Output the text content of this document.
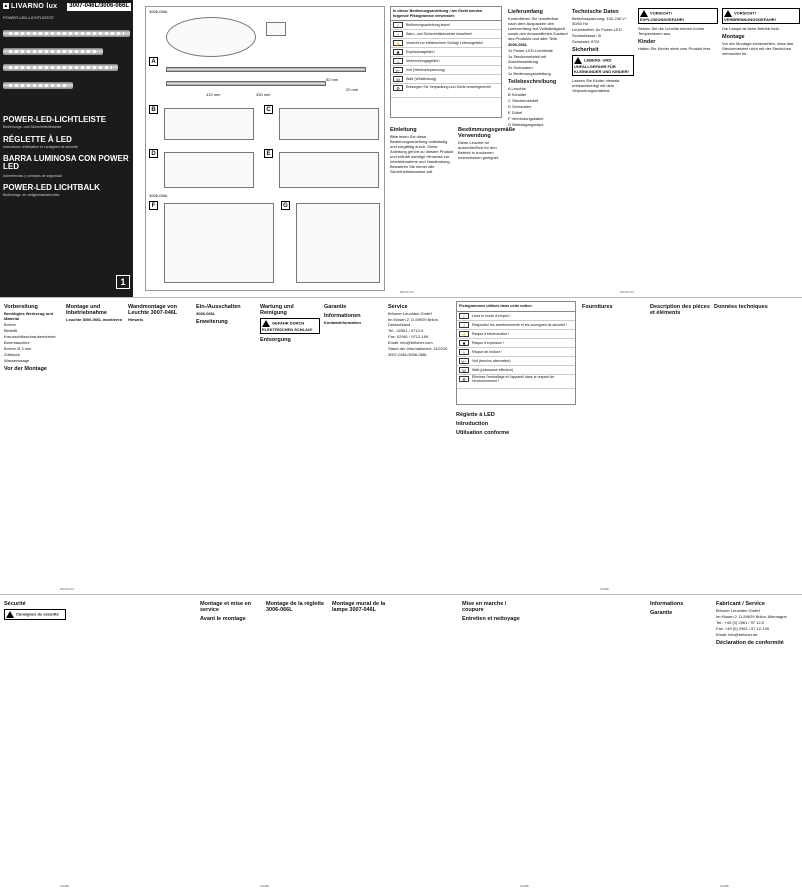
▲ LIVARNO lux	3007-046L/3006-066L
POWER-LED-LICHTLEISTE
POWER-LED-LICHTLEISTE
Bedienungs- und Sicherheitshinweise
RÉGLETTE À LED
Instructions d'utilisation et consignes de sécurité
BARRA LUMINOSA CON POWER LED
Advertencias y consejos de seguridad
POWER-LED LICHTBALK
Bedienings- en veiligheidsinstructies
1
3006-066L
410 mm	330 mm
52 mm
20 mm
A
B	C
D	E
3006-066L
F	G
In dieser Bedienungsanleitung / am Gerät werden folgende Piktogramme verwendet:
i	Bedienungsanleitung lesen!
!	Warn- und Sicherheitshinweise beachten!
⚡	Vorsicht vor elektrischem Schlag! Lebensgefahr!
✱	Explosionsgefahr!
♨	Verbrennungsgefahr!
V~	Volt (Wechselspannung)
W	Watt (Wirkleistung)
♻	Entsorgen Sie Verpackung und Gerät umweltgerecht!
Einleitung

Bitte lesen Sie diese Bedienungsanleitung vollständig und sorgfältig durch. Diese Anleitung gehört zu diesem Produkt und enthält wichtige Hinweise zur Inbetriebnahme und Handhabung. Bewahren Sie immer alle Sicherheitshinweise auf.

Bestimmungsgemäße Verwendung

Diese Leuchte ist ausschließlich für den Betrieb in trockenen Innenräumen geeignet.

Lieferumfang

Kontrollieren Sie unmittelbar nach dem Auspacken den Lieferumfang auf Vollständigkeit sowie den einwandfreien Zustand des Produkts und aller Teile.

3006-066L

1x Power-LED-Lichtleiste

1x Steckernetzteil mit Anschlussleitung

2x Schrauben

1x Bedienungsanleitung

Teilebeschreibung

A Leuchte

B Schalter

C Steckernetzteil

D Schrauben

E Dübel

F Verbindungskabel

G Befestigungsclips

Technische Daten

Betriebsspannung: 100-240 V~ 50/60 Hz

Leuchtmittel: 6x Power-LED

Schutzklasse: III

Schutzart: IP20

Sicherheit
LEBENS- UND UNFALLGEFAHR FÜR KLEINKINDER UND KINDER!

Lassen Sie Kinder niemals unbeaufsichtigt mit dem Verpackungsmaterial.

VORSICHT! EXPLOSIONSGEFAHR!

Setzen Sie die Leuchte keinen hohen Temperaturen aus.

Kinder

Halten Sie Kinder stets vom Produkt fern.

VORSICHT! VERBRENNUNGSGEFAHR!

Die Lampe ist beim Betrieb heiß.

Montage

Vor der Montage sicherstellen, dass das Steckernetzteil nicht mit der Steckdose verbunden ist.

DE/AT/CH	DE/AT/CH
Vorbereitung

Benötigtes Werkzeug und Material

Bohrer

Bleistift

Kreuzschlitzschraubendreher

Bohrmaschine

Bohrer Ø 3 mm

Zollstock

Wasserwaage

Vor der Montage
Montage und Inbetriebnahme

Leuchte 3006-066L montieren

Wandmontage von Leuchte 3007-046L

Hinweis

Ein-/Ausschalten

3006-066L

Erweiterung
Wartung und Reinigung
GEFAHR DURCH ELEKTRISCHEN SCHLAG!
Entsorgung
Garantie
Informationen

Kontaktinformation

Service

Briloner Leuchten GmbH

Im Kissen 2, D-59929 Brilon, Deutschland

Tel.: 02961 / 9712-0

Fax: 02961 / 9712-199

Email: info@briloner.com

Stand der Informationen: 11/2010

3007-046L/3006-066L

Pictogrammes utilisés dans cette notice:
i	Lisez le mode d'emploi !
!	Respectez les avertissements et les consignes de sécurité !
⚡	Risque d'électrocution !
✱	Risque d'explosion !
♨	Risque de brûlure !
V~	Volt (tension alternative)
W	Watt (puissance effective)
♻	Éliminez l'emballage et l'appareil dans le respect de l'environnement !
Réglette à LED
Introduction
Utilisation conforme
Fournitures	Description des pièces et éléments
Données techniques
DE/AT/CH	FR/BE
Sécurité
Consignes de sécurité
Montage et mise en service
Avant le montage
Montage de la réglette 3006-066L
Montage mural de la lampe 3007-046L
Mise en marche / coupure
Entretien et nettoyage
Informations
Garantie
Fabricant / Service

Briloner Leuchten GmbH

Im Kissen 2, D-59929 Brilon, Allemagne

Tel.: +49 (0) 2961 / 97 12-0

Fax: +49 (0) 2961 / 97 12-199

Email: info@briloner.de

Déclaration de conformité
FR/BE	FR/BE	FR/BE	FR/BE
